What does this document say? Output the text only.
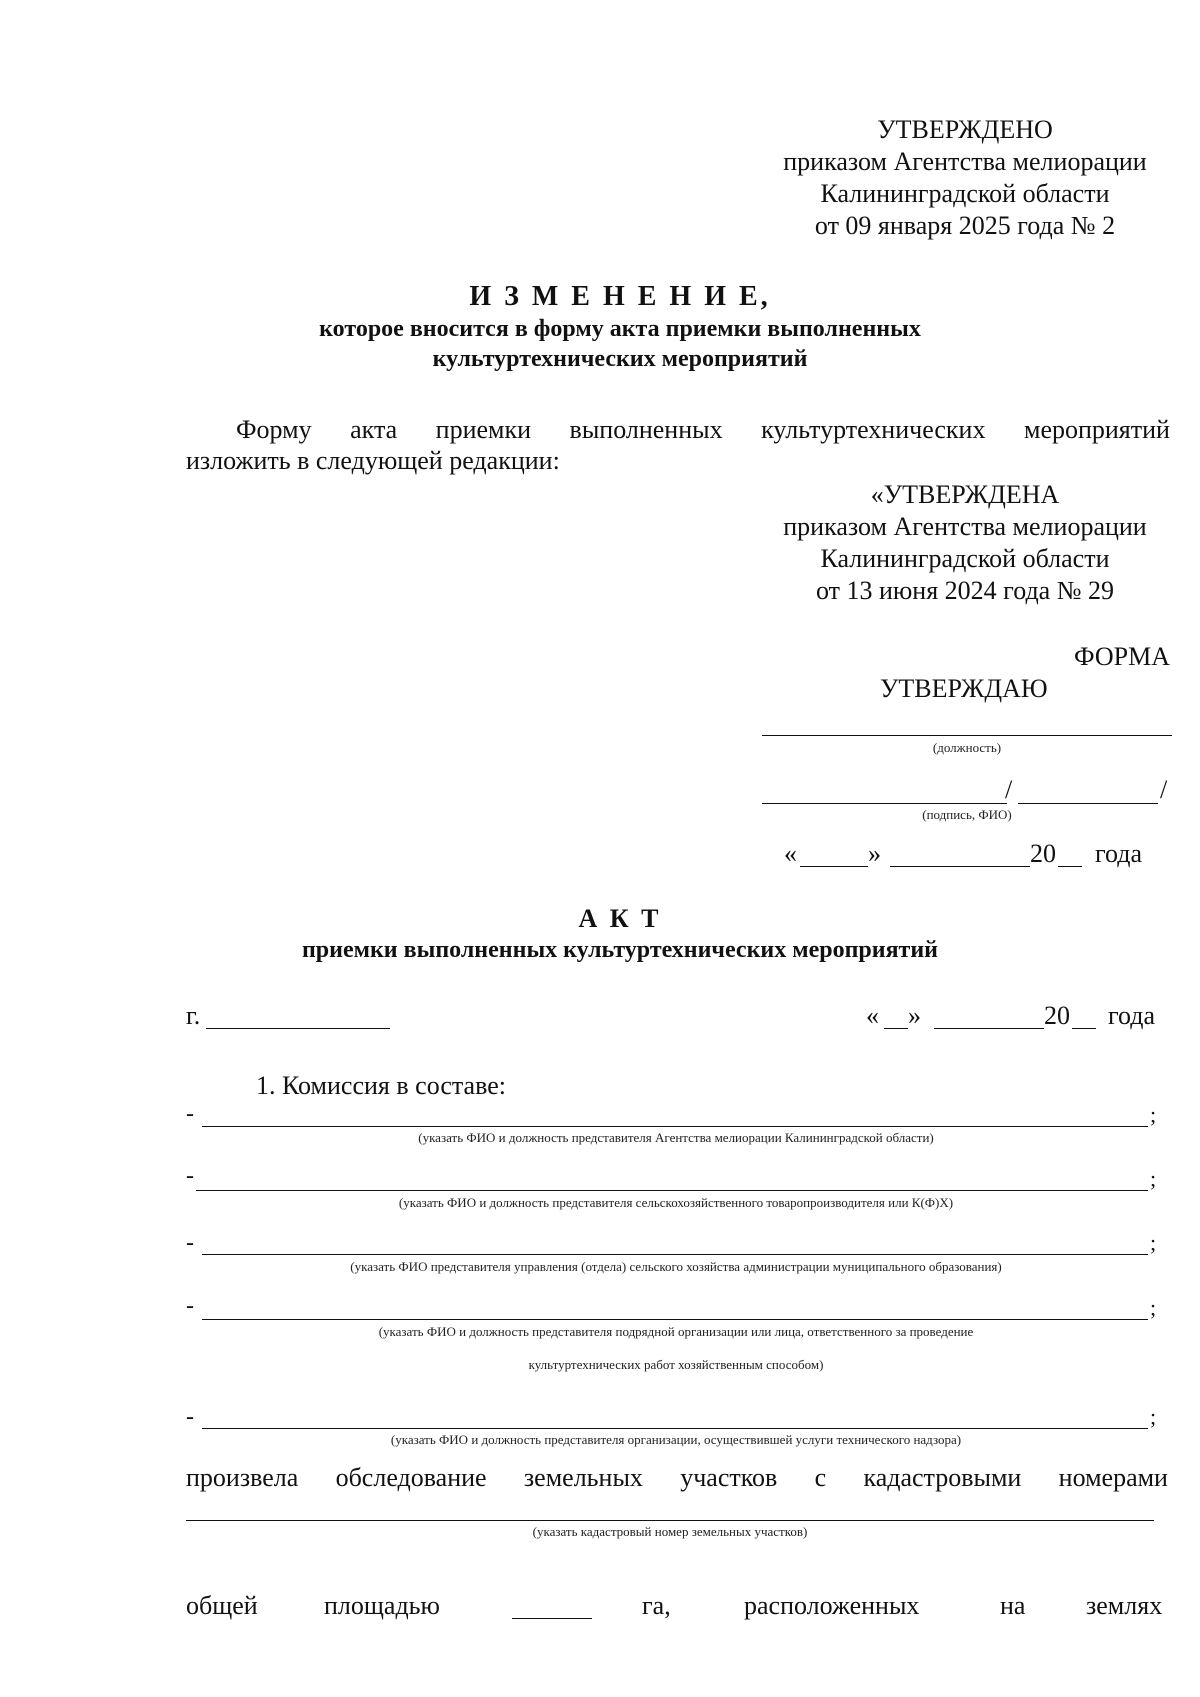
УТВЕРЖДЕНО
приказом Агентства мелиорации
Калининградской области
от 09 января 2025 года № 2
И З М Е Н Е Н И Е,
которое вносится в форму акта приемки выполненных
культуртехнических мероприятий
Форму акта приемки выполненных культуртехнических мероприятий
изложить в следующей редакции:
«УТВЕРЖДЕНА
приказом Агентства мелиорации
Калининградской области
от 13 июня 2024 года № 29
ФОРМА
УТВЕРЖДАЮ
(должность)
/	/
(подпись, ФИО)
«	»	20 года
А К Т
приемки выполненных культуртехнических мероприятий
г.	« »	20 года
1. Комиссия в составе:
-	;
(указать ФИО и должность представителя Агентства мелиорации Калининградской области)
-	;
(указать ФИО и должность представителя сельскохозяйственного товаропроизводителя или К(Ф)Х)
-	;
(указать ФИО представителя управления (отдела) сельского хозяйства администрации муниципального образования)
-	;
(указать ФИО и должность представителя подрядной организации или лица, ответственного за проведение
культуртехнических работ хозяйственным способом)
-	;
(указать ФИО и должность представителя организации, осуществившей услуги технического надзора)
произвела обследование земельных участков с кадастровыми номерами
(указать кадастровый номер земельных участков)
общей	площадью	га,	расположенных	на землях
